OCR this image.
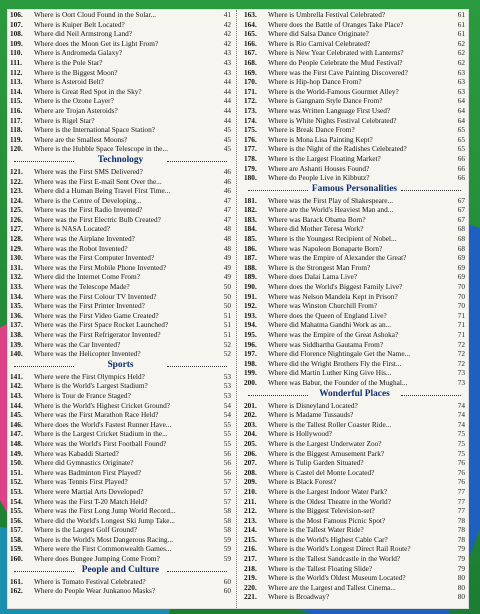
106.	Where is Oort Cloud Found in the Solar...	41
107.	Where is Kuiper Belt Located?	42
108.	Where did Neil Armstrong Land?	42
109.	Where does the Moon Get its Light From?	42
110.	Where is Andromeda Galaxy?	43
111.	Where is the Pole Star?	43
112.	Where is the Biggest Moon?	43
113.	Where is Asteroid Belt?	44
114.	Where is Great Red Spot in the Sky?	44
115.	Where is the Ozone Layer?	44
116.	Where are Trojan Asteroids?	44
117.	Where is Rigel Star?	44
118.	Where is the International Space Station?	45
119.	Where are the Smallest Moons?	45
120.	Where is the Hubble Space Telescope in the...	45
Technology
121.	Where was the First SMS Delivered?	46
122.	Where was the First E-mail Sent Over the...	46
123.	Where did a Human Being Travel First Time...	46
124.	Where is the Centre of Developing...	47
125.	Where was the First Radio Invented?	47
126.	Where was the First Electric Bulb Created?	47
127.	Where is NASA Located?	48
128.	Where was the Airplane Invented?	48
129.	Where was the Robot Invented?	48
130.	Where was the First Computer Invented?	49
131.	Where was the First Mobile Phone Invented?	49
132.	Where did the Internet Come From?	49
133.	Where was the Telescope Made?	50
134.	Where was the First Colour TV Invented?	50
135.	Where was the First Printer Invented?	50
136.	Where was the First Video Game Created?	51
137.	Where was the First Space Rocket Launched?	51
138.	Where was the First Refrigerator Invented?	51
139.	Where was the Car Invented?	52
140.	Where was the Helicopter Invented?	52
Sports
141.	Where were the First Olympics Held?	53
142.	Where is the World's Largest Stadium?	53
143.	Where is Tour de France Staged?	53
144.	Where is the World's Highest Cricket Ground?	54
145.	Where was the First Marathon Race Held?	54
146.	Where does the World's Fastest Runner Have...	55
147.	Where is the Largest Cricket Stadium in the...	55
148.	Where was the World's First Football Found?	55
149.	Where was Kabaddi Started?	56
150.	Where did Gymnastics Originate?	56
151.	Where was Badminton First Played?	56
152.	Where was Tennis First Played?	57
153.	Where were Martial Arts Developed?	57
154.	Where was the First T-20 Match Held?	57
155.	Where was the First Long Jump World Record...	58
156.	Where did the World's Longest Ski Jump Take...	58
157.	Where is the Largest Golf Ground?	58
158.	Where is the World's Most Dangerous Racing...	59
159.	Where were the First Commonwealth Games...	59
160.	Where does Bungee Jumping Come From?	59
People and Culture
161.	Where is Tomato Festival Celebrated?	60
162.	Where do People Wear Junkanoo Masks?	60
163.	Where is Umbrella Festival Celebrated?	61
164.	Where does the Battle of Oranges Take Place?	61
165.	Where did Salsa Dance Originate?	61
166.	Where is Rio Carnival Celebrated?	62
167.	Where is New Year Celebrated with Lanterns?	62
168.	Where do People Celebrate the Mud Festival?	62
169.	Where was the First Cave Painting Discovered?	63
170.	Where is Hip-hop Dance From?	63
171.	Where is the World-Famous Gourmet Alley?	63
172.	Where is Gangnam Style Dance From?	64
173.	Where was Written Language First Used?	64
174.	Where is White Nights Festival Celebrated?	64
175.	Where is Break Dance From?	65
176.	Where is Mona Lisa Painting Kept?	65
177.	Where is the Night of the Radishes Celebrated?	65
178.	Where is the Largest Floating Market?	66
179.	Where are Ashanti Houses Found?	66
180.	Where do People Live in Kibbutz?	66
Famous Personalities
181.	Where was the First Play of Shakespeare...	67
182.	Where are the World's Heaviest Man and...	67
183.	Where was Barack Obama Born?	67
184.	Where did Mother Teresa Work?	68
185.	Where is the Youngest Recipient of Nobel...	68
186.	Where was Napoleon Bonaparte Born?	68
187.	Where was the Empire of Alexander the Great?	69
188.	Where is the Strongest Man From?	69
189.	Where does Dalai Lama Live?	69
190.	Where does the World's Biggest Family Live?	70
191.	Where was Nelson Mandela Kept in Prison?	70
192.	Where was Winston Churchill From?	70
193.	Where does the Queen of England Live?	71
194.	Where did Mahatma Gandhi Work as an...	71
195.	Where was the Empire of the Great Ashoka?	71
196.	Where was Siddhartha Gautama From?	72
197.	Where did Florence Nightingale Get the Name...	72
198.	Where did the Wright Brothers Fly the First...	72
199.	Where did Martin Luther King Give His...	73
200.	Where was Babur, the Founder of the Mughal...	73
Wonderful Places
201.	Where is Disneyland Located?	74
202.	Where is Madame Tussauds?	74
203.	Where is the Tallest Roller Coaster Ride...	74
204.	Where is Hollywood?	75
205.	Where is the Largest Underwater Zoo?	75
206.	Where is the Biggest Amusement Park?	75
207.	Where is Tulip Garden Situated?	76
208.	Where is Castel del Monte Located?	76
209.	Where is Black Forest?	76
210.	Where is the Largest Indoor Water Park?	77
211.	Where is the Oldest Theatre in the World?	77
212.	Where is the Biggest Television-set?	77
213.	Where is the Most Famous Picnic Spot?	78
214.	Where is the Tallest Water Ride?	78
215.	Where is the World's Highest Cable Car?	78
216.	Where is the World's Longest Direct Rail Route?	79
217.	Where is the Tallest Sandcastle in the World?	79
218.	Where is the Tallest Floating Slide?	79
219.	Where is the World's Oldest Museum Located?	80
220.	Where are the Largest and Tallest Cinema...	80
221.	Where is Broadway?	80
